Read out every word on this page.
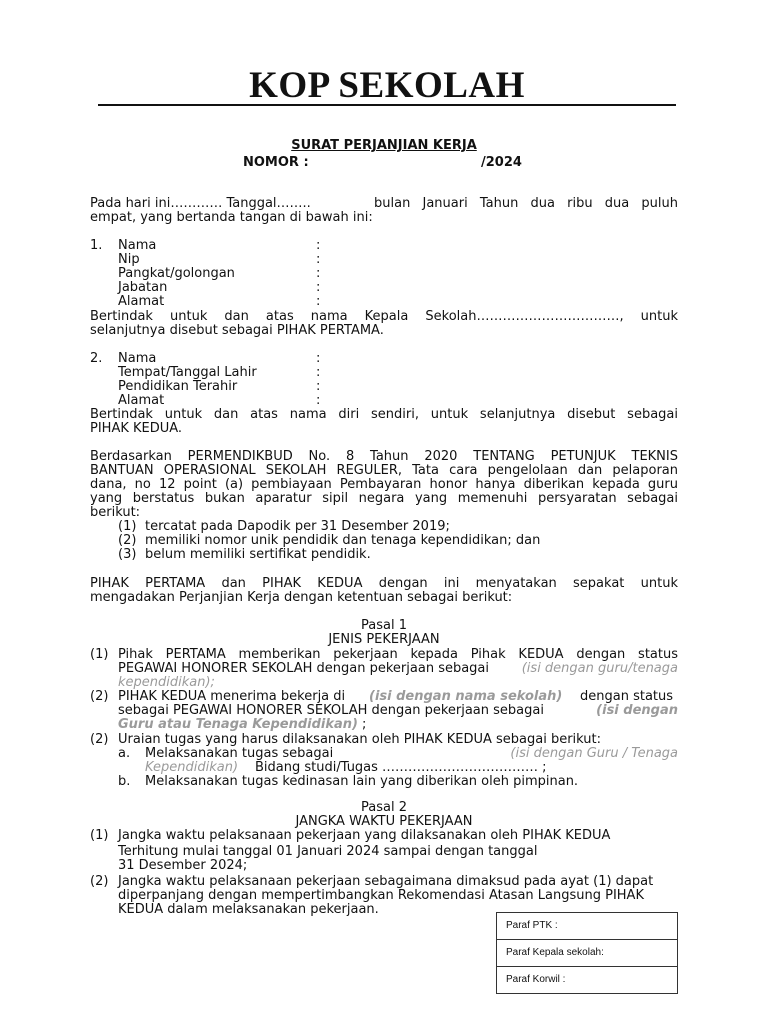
KOP SEKOLAH
SURAT PERJANJIAN KERJA
NOMOR :	/2024
Pada hari ini………… Tanggal……..	bulan Januari Tahun dua ribu dua puluh
empat, yang bertanda tangan di bawah ini:
1. Nama	:
Nip	:
Pangkat/golongan	:
Jabatan	:
Alamat	:
Bertindak untuk dan atas nama Kepala Sekolah……………………………, untuk
selanjutnya disebut sebagai PIHAK PERTAMA.
2. Nama	:
Tempat/Tanggal Lahir	:
Pendidikan Terahir	:
Alamat	:
Bertindak untuk dan atas nama diri sendiri, untuk selanjutnya disebut sebagai
PIHAK KEDUA.
Berdasarkan PERMENDIKBUD No. 8 Tahun 2020 TENTANG PETUNJUK TEKNIS
BANTUAN OPERASIONAL SEKOLAH REGULER, Tata cara pengelolaan dan pelaporan
dana, no 12 point (a) pembiayaan Pembayaran honor hanya diberikan kepada guru
yang berstatus bukan aparatur sipil negara yang memenuhi persyaratan sebagai
berikut:
(1) tercatat pada Dapodik per 31 Desember 2019;
(2) memiliki nomor unik pendidik dan tenaga kependidikan; dan
(3) belum memiliki sertifikat pendidik.
PIHAK PERTAMA dan PIHAK KEDUA dengan ini menyatakan sepakat untuk
mengadakan Perjanjian Kerja dengan ketentuan sebagai berikut:
Pasal 1
JENIS PEKERJAAN
(1) Pihak PERTAMA memberikan pekerjaan kepada Pihak KEDUA dengan status
PEGAWAI HONORER SEKOLAH dengan pekerjaan sebagai	(isi dengan guru/tenaga
kependidikan);
(2) PIHAK KEDUA menerima bekerja di (isi dengan nama sekolah) dengan status
sebagai PEGAWAI HONORER SEKOLAH dengan pekerjaan sebagai	(isi dengan
Guru atau Tenaga Kependidikan) ;
(2) Uraian tugas yang harus dilaksanakan oleh PIHAK KEDUA sebagai berikut:
a. Melaksanakan tugas sebagai	(isi dengan Guru / Tenaga
Kependidikan) Bidang studi/Tugas ……………………………… ;
b. Melaksanakan tugas kedinasan lain yang diberikan oleh pimpinan.
Pasal 2
JANGKA WAKTU PEKERJAAN
(1) Jangka waktu pelaksanaan pekerjaan yang dilaksanakan oleh PIHAK KEDUA
Terhitung mulai tanggal 01 Januari 2024 sampai dengan tanggal
31 Desember 2024;
(2) Jangka waktu pelaksanaan pekerjaan sebagaimana dimaksud pada ayat (1) dapat
diperpanjang dengan mempertimbangkan Rekomendasi Atasan Langsung PIHAK
KEDUA dalam melaksanakan pekerjaan.
Paraf PTK :
Paraf Kepala sekolah:
Paraf Korwil :
